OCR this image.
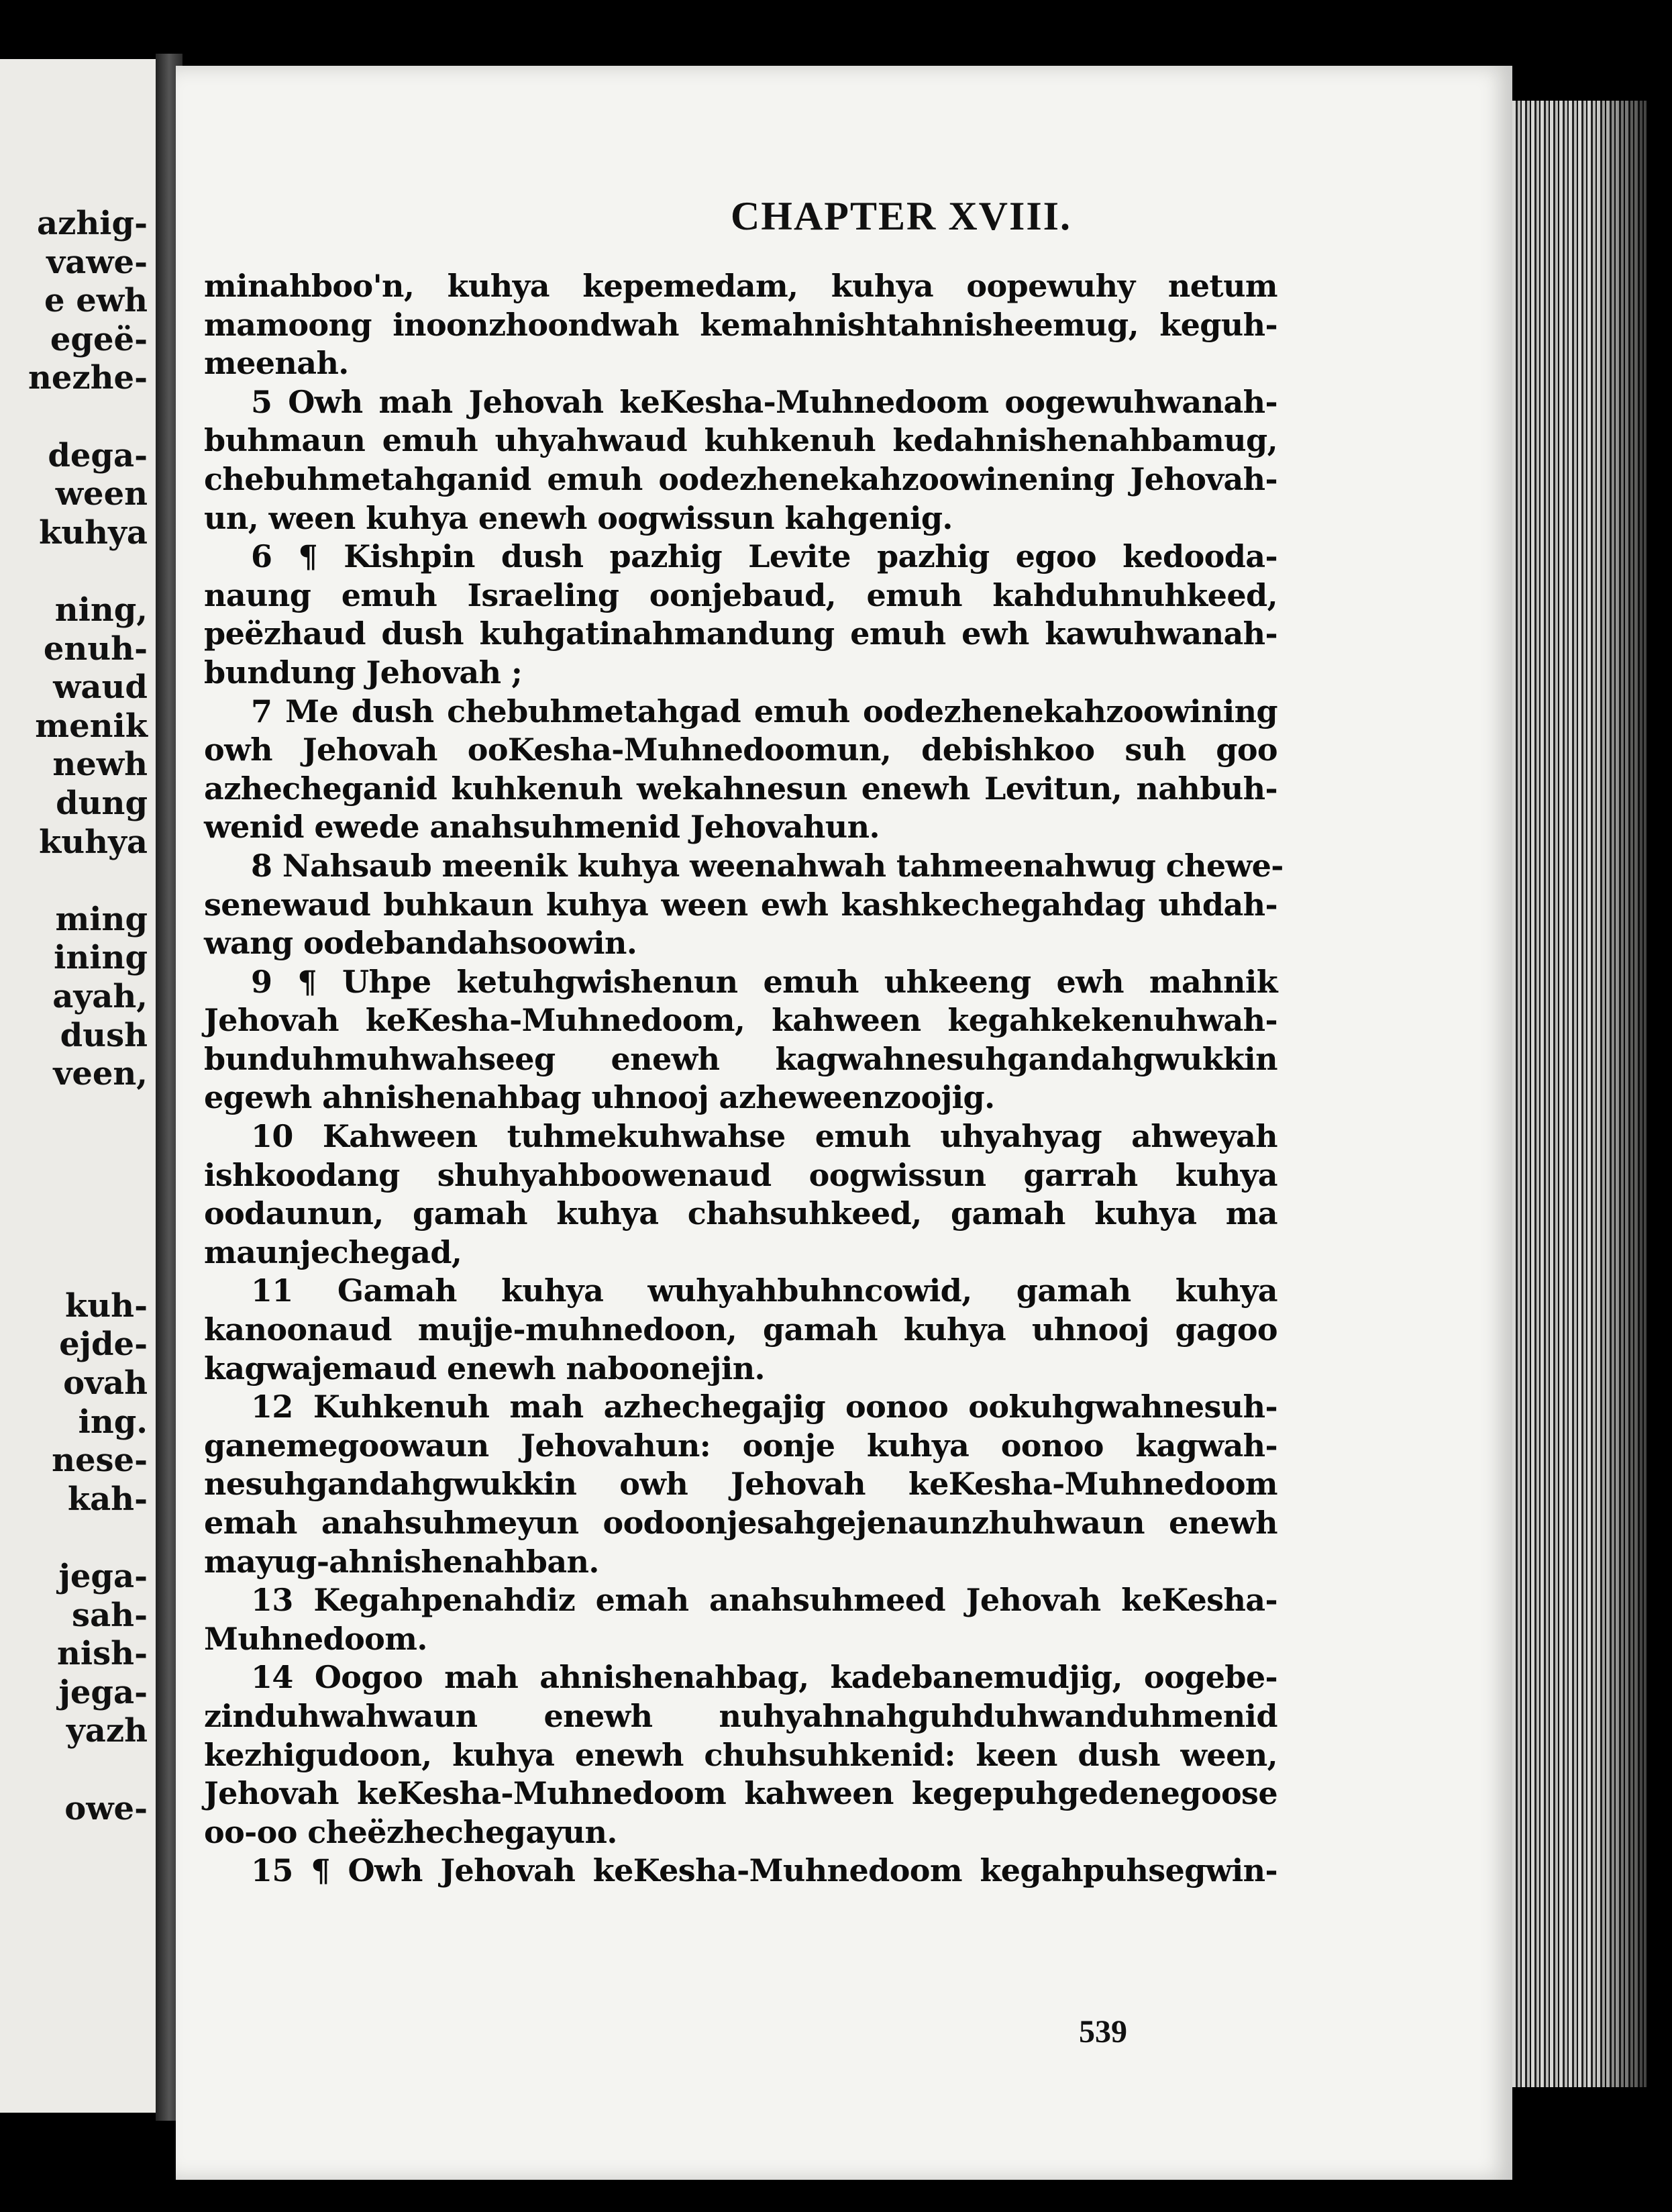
azhig-
vawe-
e ewh
egeë-
nezhe-
dega-
ween
kuhya
ning,
enuh-
waud
menik
newh
dung
kuhya
ming
ining
ayah,
dush
veen,
kuh-
ejde-
ovah
ing.
nese-
kah-
jega-
sah-
nish-
jega-
yazh
owe-
CHAPTER XVIII.
minahboo'n, kuhya kepemedam, kuhya oopewuhy netum
mamoong inoonzhoondwah kemahnishtahnisheemug, keguh-
meenah.
5 Owh mah Jehovah keKesha-Muhnedoom oogewuhwanah-
buhmaun emuh uhyahwaud kuhkenuh kedahnishenahbamug,
chebuhmetahganid emuh oodezhenekahzoowinening Jehovah-
un, ween kuhya enewh oogwissun kahgenig.
6 ¶ Kishpin dush pazhig Levite pazhig egoo kedooda-
naung emuh Israeling oonjebaud, emuh kahduhnuhkeed,
peëzhaud dush kuhgatinahmandung emuh ewh kawuhwanah-
bundung Jehovah ;
7 Me dush chebuhmetahgad emuh oodezhenekahzoowining
owh Jehovah ooKesha-Muhnedoomun, debishkoo suh goo
azhecheganid kuhkenuh wekahnesun enewh Levitun, nahbuh-
wenid ewede anahsuhmenid Jehovahun.
8 Nahsaub meenik kuhya weenahwah tahmeenahwug chewe-
senewaud buhkaun kuhya ween ewh kashkechegahdag uhdah-
wang oodebandahsoowin.
9 ¶ Uhpe ketuhgwishenun emuh uhkeeng ewh mahnik
Jehovah keKesha-Muhnedoom, kahween kegahkekenuhwah-
bunduhmuhwahseeg enewh kagwahnesuhgandahgwukkin
egewh ahnishenahbag uhnooj azheweenzoojig.
10 Kahween tuhmekuhwahse emuh uhyahyag ahweyah
ishkoodang shuhyahboowenaud oogwissun garrah kuhya
oodaunun, gamah kuhya chahsuhkeed, gamah kuhya ma
maunjechegad,
11 Gamah kuhya wuhyahbuhncowid, gamah kuhya
kanoonaud mujje-muhnedoon, gamah kuhya uhnooj gagoo
kagwajemaud enewh naboonejin.
12 Kuhkenuh mah azhechegajig oonoo ookuhgwahnesuh-
ganemegoowaun Jehovahun: oonje kuhya oonoo kagwah-
nesuhgandahgwukkin owh Jehovah keKesha-Muhnedoom
emah anahsuhmeyun oodoonjesahgejenaunzhuhwaun enewh
mayug-ahnishenahban.
13 Kegahpenahdiz emah anahsuhmeed Jehovah keKesha-
Muhnedoom.
14 Oogoo mah ahnishenahbag, kadebanemudjig, oogebe-
zinduhwahwaun enewh nuhyahnahguhduhwanduhmenid
kezhigudoon, kuhya enewh chuhsuhkenid: keen dush ween,
Jehovah keKesha-Muhnedoom kahween kegepuhgedenegoose
oo-oo cheëzhechegayun.
15 ¶ Owh Jehovah keKesha-Muhnedoom kegahpuhsegwin-
539
